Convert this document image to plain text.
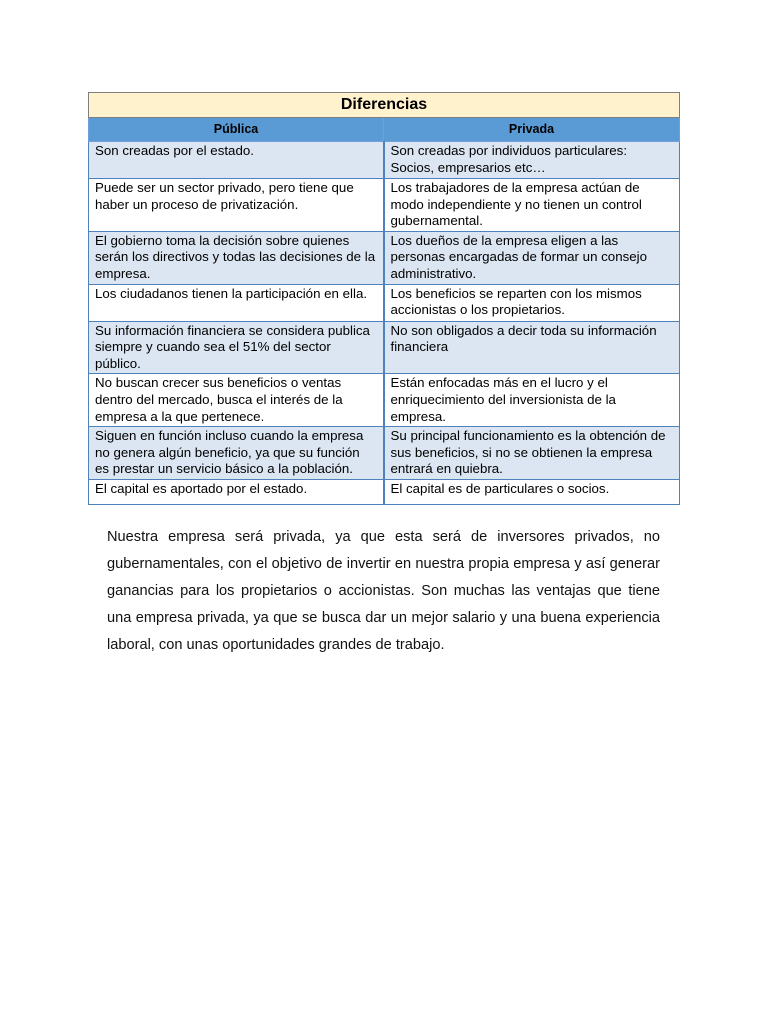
Diferencias	
Pública	Privada
Son creadas por el estado.	Son creadas por individuos particulares: Socios, empresarios etc…
Puede ser un sector privado, pero tiene que haber un proceso de privatización.	Los trabajadores de la empresa actúan de modo independiente y no tienen un control gubernamental.
El gobierno toma la decisión sobre quienes serán los directivos y todas las decisiones de la empresa.	Los dueños de la empresa eligen a las personas encargadas de formar un consejo administrativo.
Los ciudadanos tienen la participación en ella.	Los beneficios se reparten con los mismos accionistas o los propietarios.
Su información financiera se considera publica siempre y cuando sea el 51% del sector público.	No son obligados a decir toda su información financiera
No buscan crecer sus beneficios o ventas dentro del mercado, busca el interés de la empresa a la que pertenece.	Están enfocadas más en el lucro y el enriquecimiento del inversionista de la empresa.
Siguen en función incluso cuando la empresa no genera algún beneficio, ya que su función es prestar un servicio básico a la población.	Su principal funcionamiento es la obtención de sus beneficios, si no se obtienen la empresa entrará en quiebra.
El capital es aportado por el estado.	El capital es de particulares o socios.

Nuestra empresa será privada, ya que esta será de inversores privados, no gubernamentales, con el objetivo de invertir en nuestra propia empresa y así generar ganancias para los propietarios o accionistas. Son muchas las ventajas que tiene una empresa privada, ya que se busca dar un mejor salario y una buena experiencia laboral, con unas oportunidades grandes de trabajo.
